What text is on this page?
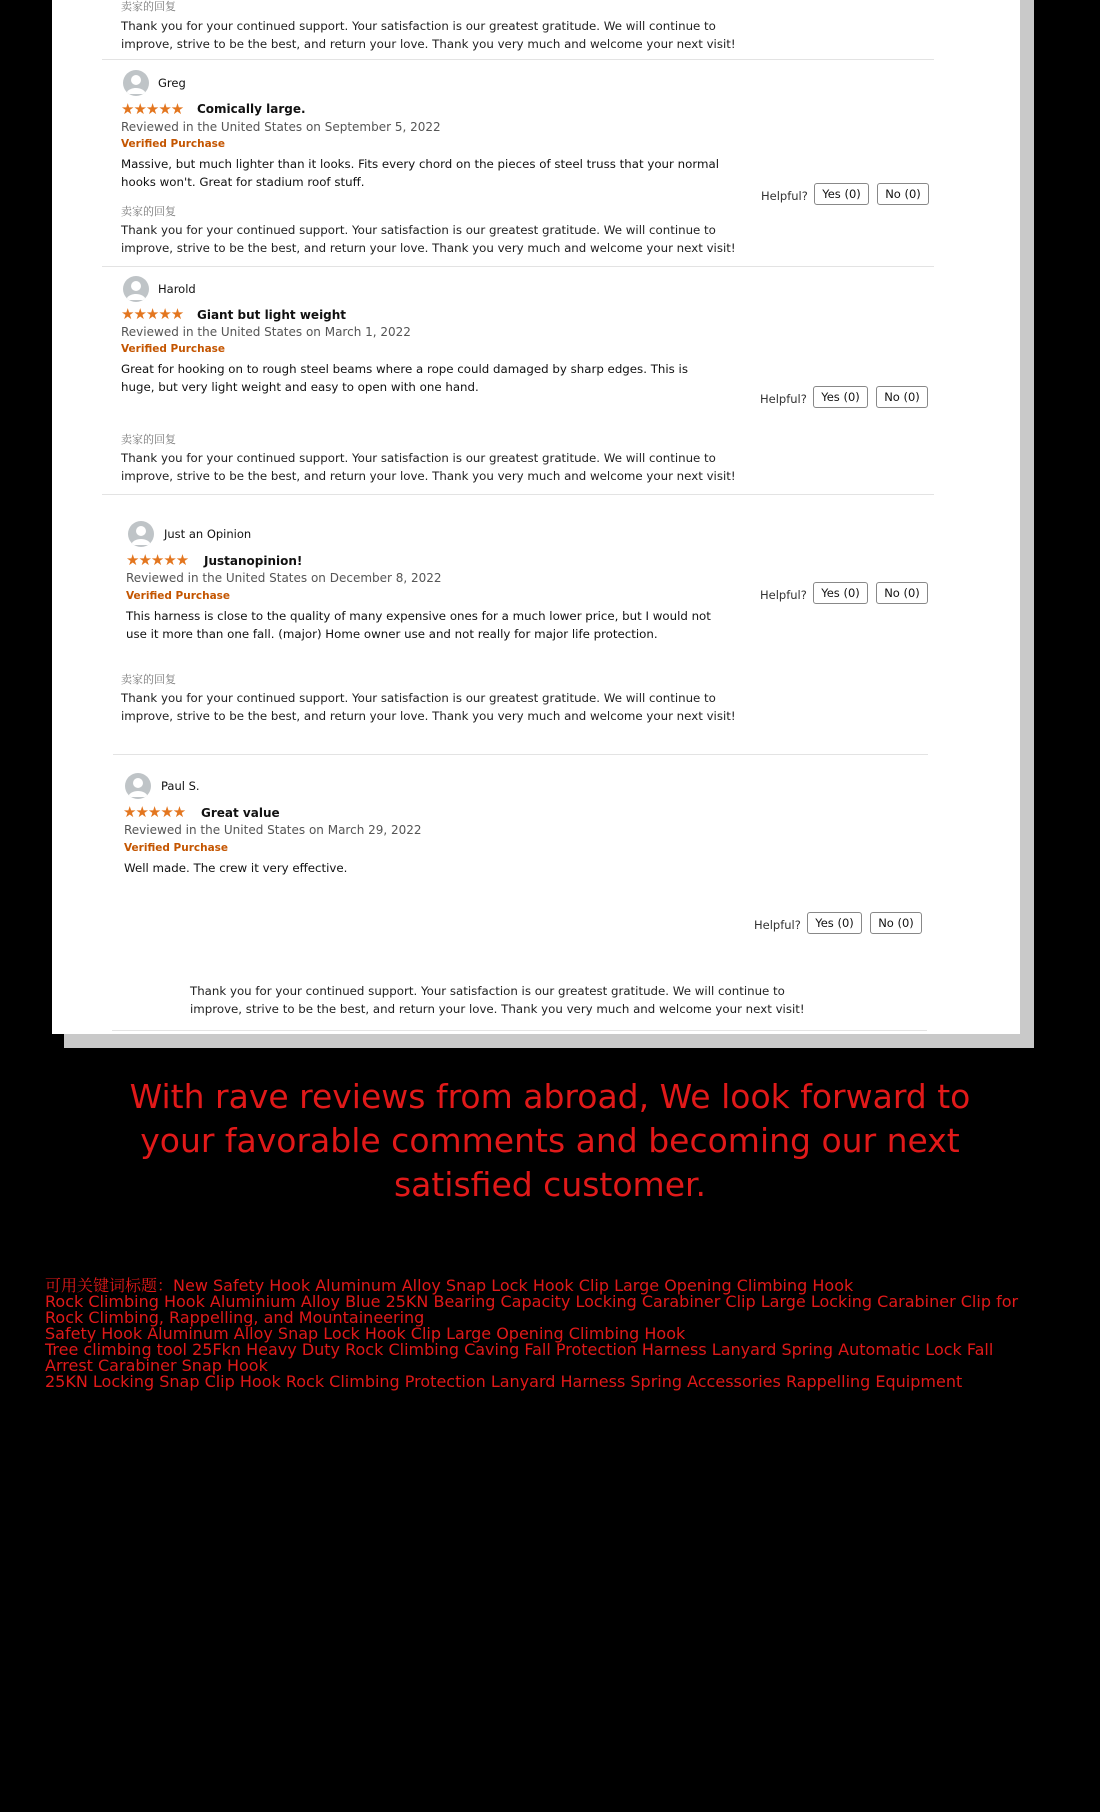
卖家的回复
Thank you for your continued support. Your satisfaction is our greatest gratitude. We will continue to improve, strive to be the best, and return your love. Thank you very much and welcome your next visit!
Greg
★★★★★ Comically large.
Reviewed in the United States on September 5, 2022
Verified Purchase
Massive, but much lighter than it looks. Fits every chord on the pieces of steel truss that your normal hooks won't. Great for stadium roof stuff.
Helpful?	Yes (0)	No (0)
卖家的回复
Thank you for your continued support. Your satisfaction is our greatest gratitude. We will continue to improve, strive to be the best, and return your love. Thank you very much and welcome your next visit!
Harold
★★★★★ Giant but light weight
Reviewed in the United States on March 1, 2022
Verified Purchase
Great for hooking on to rough steel beams where a rope could damaged by sharp edges. This is huge, but very light weight and easy to open with one hand.
Helpful?	Yes (0)	No (0)
卖家的回复
Thank you for your continued support. Your satisfaction is our greatest gratitude. We will continue to improve, strive to be the best, and return your love. Thank you very much and welcome your next visit!
Just an Opinion
★★★★★ Justanopinion!
Reviewed in the United States on December 8, 2022
Verified Purchase
This harness is close to the quality of many expensive ones for a much lower price, but I would not use it more than one fall. (major) Home owner use and not really for major life protection.
Helpful?	Yes (0)	No (0)
卖家的回复
Thank you for your continued support. Your satisfaction is our greatest gratitude. We will continue to improve, strive to be the best, and return your love. Thank you very much and welcome your next visit!
Paul S.
★★★★★ Great value
Reviewed in the United States on March 29, 2022
Verified Purchase
Well made. The crew it very effective.
Helpful?	Yes (0)	No (0)
Thank you for your continued support. Your satisfaction is our greatest gratitude. We will continue to improve, strive to be the best, and return your love. Thank you very much and welcome your next visit!
With rave reviews from abroad, We look forward to your favorable comments and becoming our next satisfied customer.
可用关键词标题：New Safety Hook Aluminum Alloy Snap Lock Hook Clip Large Opening Climbing Hook
Rock Climbing Hook Aluminium Alloy Blue 25KN Bearing Capacity Locking Carabiner Clip Large Locking Carabiner Clip for Rock Climbing, Rappelling, and Mountaineering
Safety Hook Aluminum Alloy Snap Lock Hook Clip Large Opening Climbing Hook
Tree climbing tool 25Fkn Heavy Duty Rock Climbing Caving Fall Protection Harness Lanyard Spring Automatic Lock Fall Arrest Carabiner Snap Hook
25KN Locking Snap Clip Hook Rock Climbing Protection Lanyard Harness Spring Accessories Rappelling Equipment
